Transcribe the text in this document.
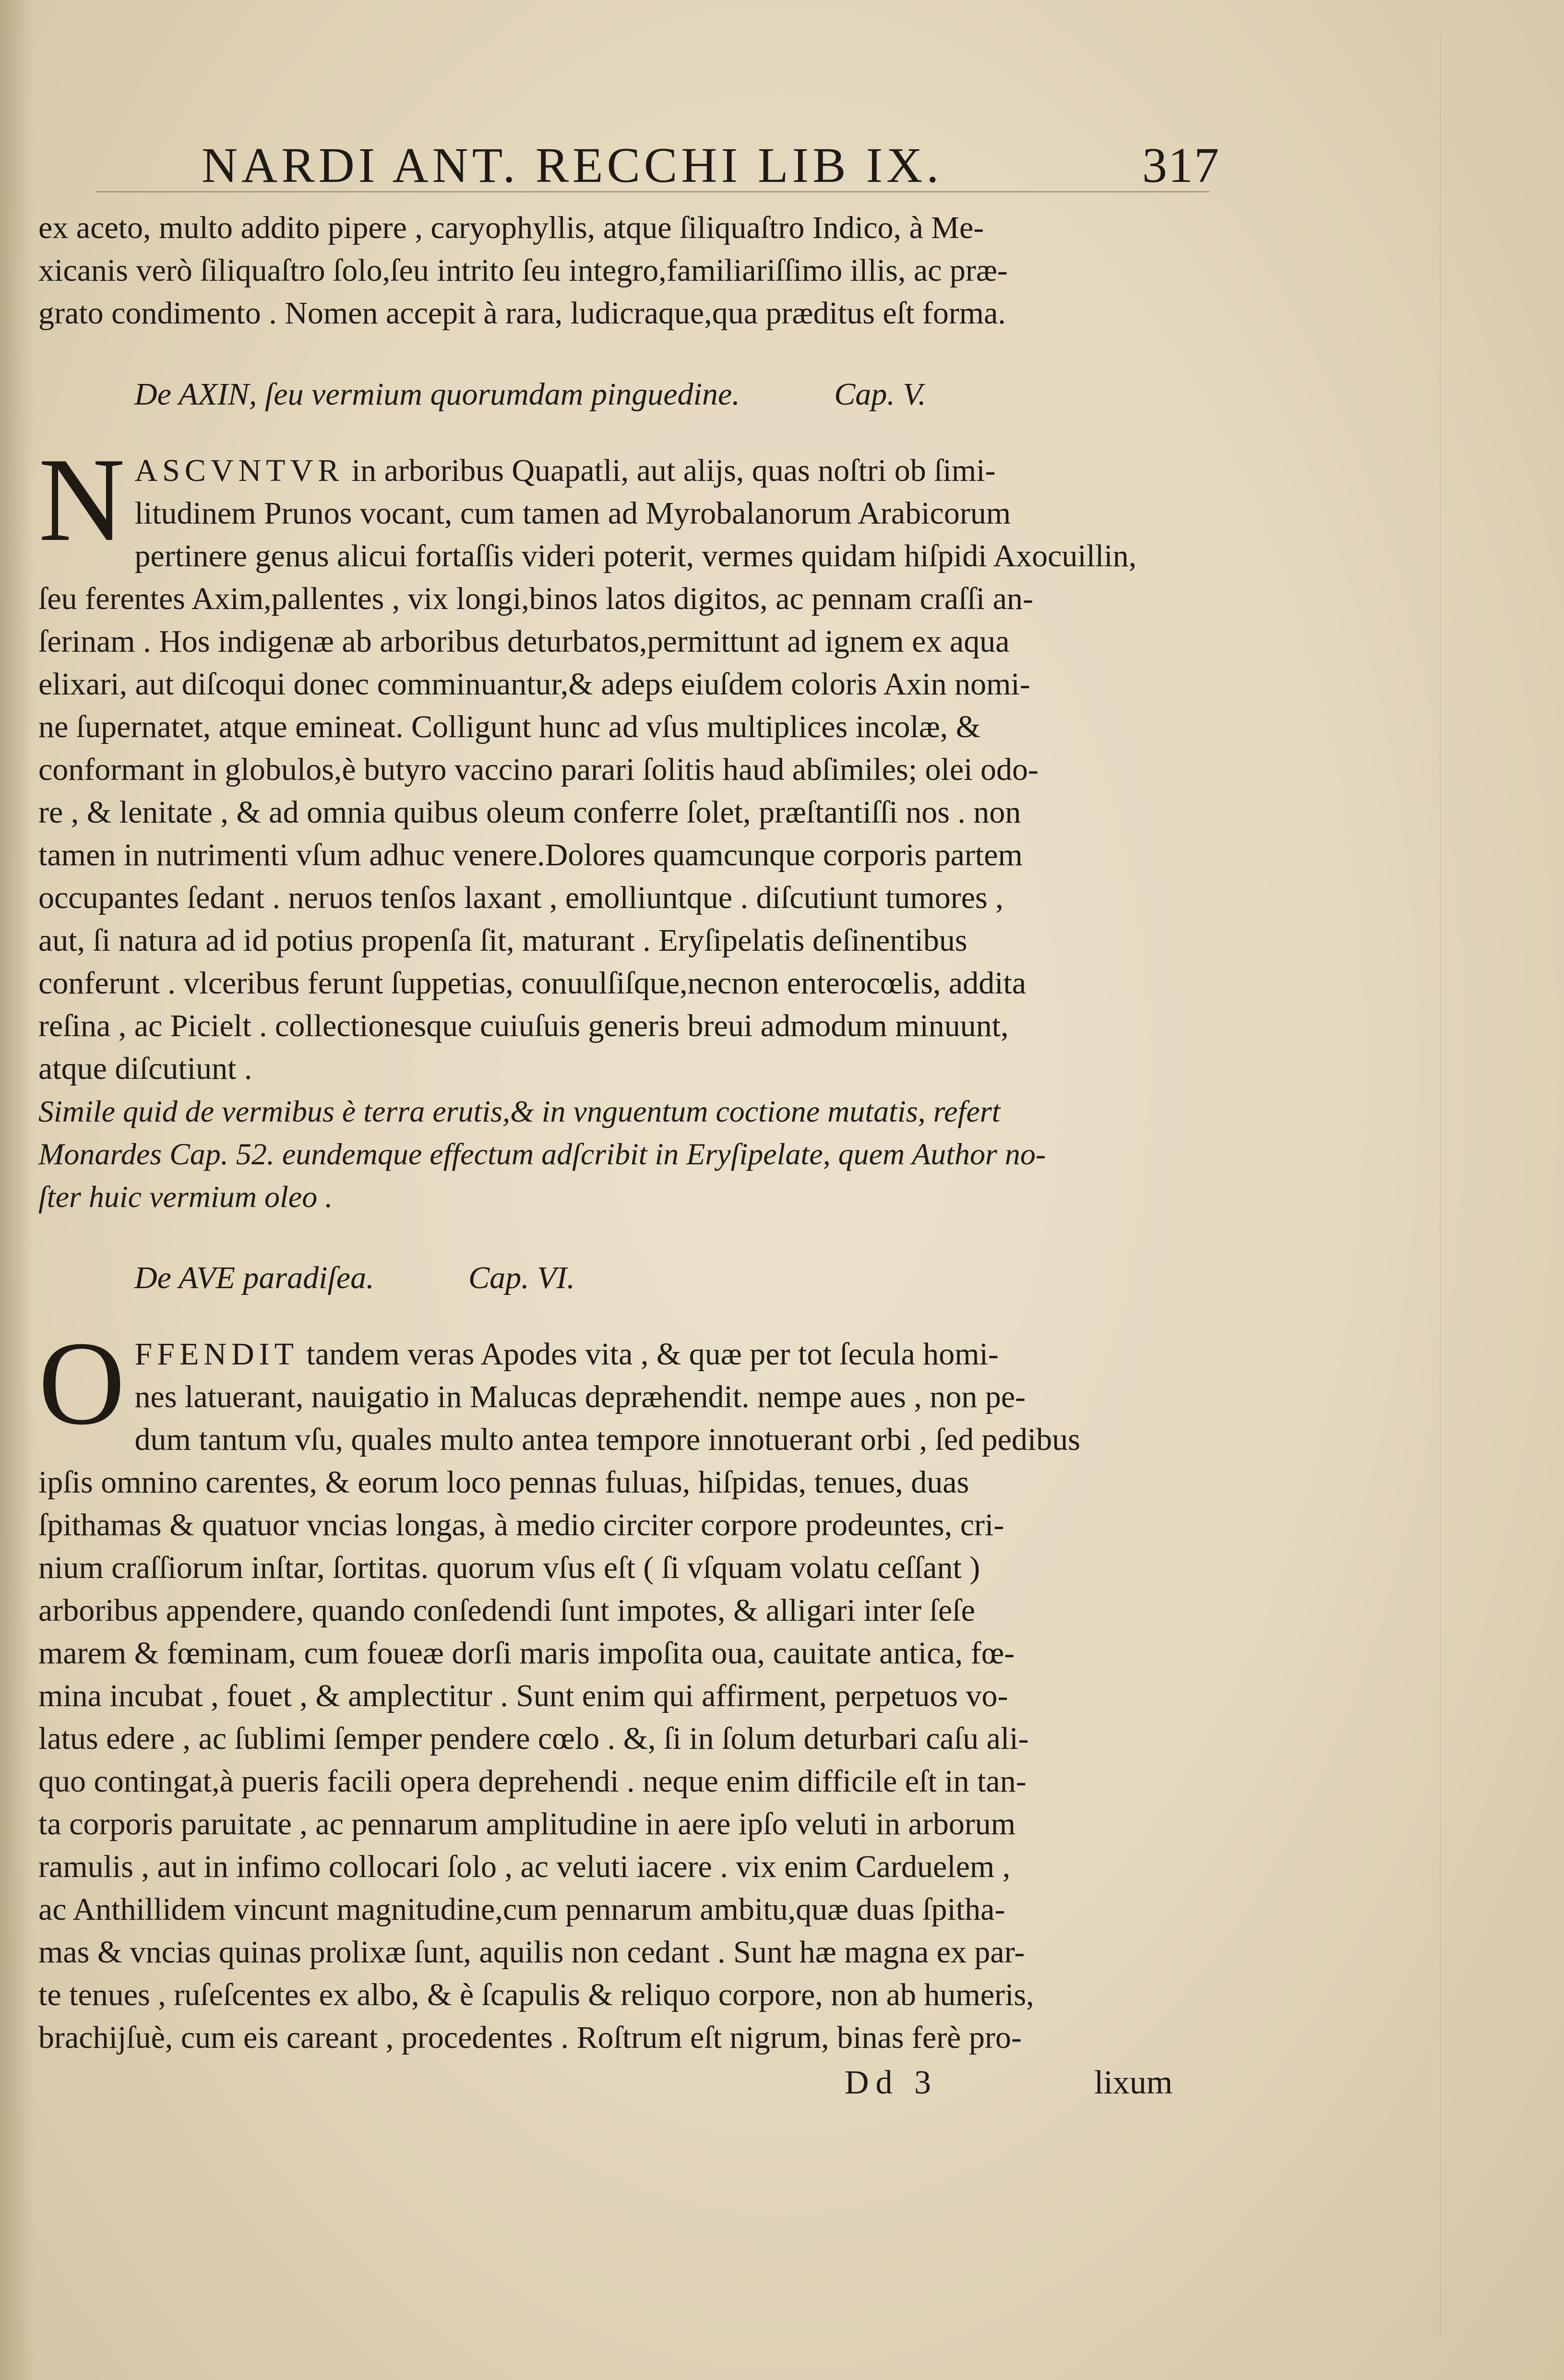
NARDI ANT. RECCHI LIB IX.	317

ex aceto, multo addito pipere , caryophyllis, atque ſiliquaſtro Indico, à Me-
xicanis verò ſiliquaſtro ſolo,ſeu intrito ſeu integro,familiariſſimo illis, ac præ-
grato condimento . Nomen accepit à rara, ludicraque,qua præditus eſt forma.

De AXIN, ſeu vermium quorumdam pinguedine.	Cap. V.

N ASCVNTVR in arboribus Quapatli, aut alijs, quas noſtri ob ſimi-
litudinem Prunos vocant, cum tamen ad Myrobalanorum Arabicorum
pertinere genus alicui fortaſſis videri poterit, vermes quidam hiſpidi Axocuillin,
ſeu ferentes Axim,pallentes , vix longi,binos latos digitos, ac pennam craſſi an-
ſerinam . Hos indigenæ ab arboribus deturbatos,permittunt ad ignem ex aqua
elixari, aut diſcoqui donec comminuantur,& adeps eiuſdem coloris Axin nomi-
ne ſupernatet, atque emineat. Colligunt hunc ad vſus multiplices incolæ, &
conformant in globulos,è butyro vaccino parari ſolitis haud abſimiles; olei odo-
re , & lenitate , & ad omnia quibus oleum conferre ſolet, præſtantiſſi nos . non
tamen in nutrimenti vſum adhuc venere.Dolores quamcunque corporis partem
occupantes ſedant . neruos tenſos laxant , emolliuntque . diſcutiunt tumores ,
aut, ſi natura ad id potius propenſa ſit, maturant . Eryſipelatis deſinentibus
conferunt . vlceribus ferunt ſuppetias, conuulſiſque,necnon enterocœlis, addita
reſina , ac Picielt . collectionesque cuiuſuis generis breui admodum minuunt,
atque diſcutiunt .

Simile quid de vermibus è terra erutis,& in vnguentum coctione mutatis, refert
Monardes Cap. 52. eundemque effectum adſcribit in Eryſipelate, quem Author no-
ſter huic vermium oleo .

De AVE paradiſea.	Cap. VI.

O FFENDIT tandem veras Apodes vita , & quæ per tot ſecula homi-
nes latuerant, nauigatio in Malucas depræhendit. nempe aues , non pe-
dum tantum vſu, quales multo antea tempore innotuerant orbi , ſed pedibus
ipſis omnino carentes, & eorum loco pennas fuluas, hiſpidas, tenues, duas
ſpithamas & quatuor vncias longas, à medio circiter corpore prodeuntes, cri-
nium craſſiorum inſtar, ſortitas. quorum vſus eſt ( ſi vſquam volatu ceſſant )
arboribus appendere, quando conſedendi ſunt impotes, & alligari inter ſeſe
marem & fœminam, cum foueæ dorſi maris impoſita oua, cauitate antica, fœ-
mina incubat , fouet , & amplectitur . Sunt enim qui affirment, perpetuos vo-
latus edere , ac ſublimi ſemper pendere cœlo . &, ſi in ſolum deturbari caſu ali-
quo contingat,à pueris facili opera deprehendi . neque enim difficile eſt in tan-
ta corporis paruitate , ac pennarum amplitudine in aere ipſo veluti in arborum
ramulis , aut in infimo collocari ſolo , ac veluti iacere . vix enim Carduelem ,
ac Anthillidem vincunt magnitudine,cum pennarum ambitu,quæ duas ſpitha-
mas & vncias quinas prolixæ ſunt, aquilis non cedant . Sunt hæ magna ex par-
te tenues , ruſeſcentes ex albo, & è ſcapulis & reliquo corpore, non ab humeris,
brachijſuè, cum eis careant , procedentes . Roſtrum eſt nigrum, binas ferè pro-

Dd 3	lixum
